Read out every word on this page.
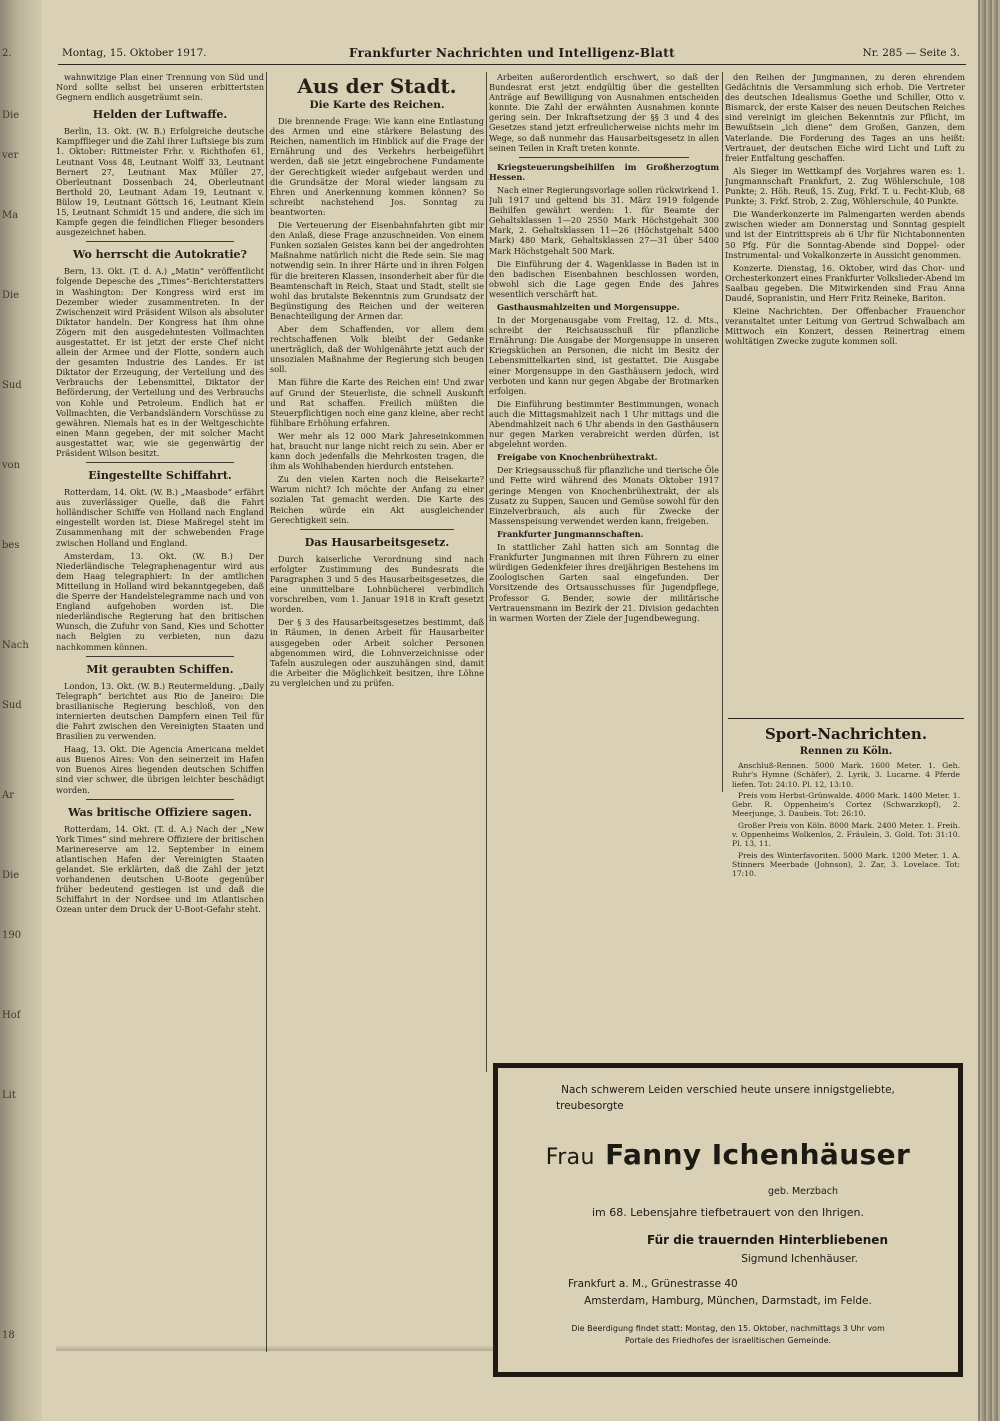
2.
Die
ver
Ma
Die
Sud
von
bes
Nach
Sud
Ar
Die
190
Hof
Lit
18
Montag, 15. Oktober 1917.	Frankfurter Nachrichten und Intelligenz-Blatt	Nr. 285 — Seite 3.

wahnwitzige Plan einer Trennung von Süd und Nord sollte selbst bei unseren erbittertsten Gegnern endlich ausgeträumt sein.

Helden der Luftwaffe.

Berlin, 13. Okt. (W. B.) Erfolgreiche deutsche Kampfflieger und die Zahl ihrer Luftsiege bis zum 1. Oktober: Rittmeister Frhr. v. Richthofen 61, Leutnant Voss 48, Leutnant Wolff 33, Leutnant Bernert 27, Leutnant Max Müller 27, Oberleutnant Dossenbach 24, Oberleutnant Berthold 20, Leutnant Adam 19, Leutnant v. Bülow 19, Leutnant Göttsch 16, Leutnant Klein 15, Leutnant Schmidt 15 und andere, die sich im Kampfe gegen die feindlichen Flieger besonders ausgezeichnet haben.

Wo herrscht die Autokratie?

Bern, 13. Okt. (T. d. A.) „Matin“ veröffentlicht folgende Depesche des „Times“-Berichterstatters in Washington: Der Kongress wird erst im Dezember wieder zusammentreten. In der Zwischenzeit wird Präsident Wilson als absoluter Diktator handeln. Der Kongress hat ihm ohne Zögern mit den ausgedehntesten Vollmachten ausgestattet. Er ist jetzt der erste Chef nicht allein der Armee und der Flotte, sondern auch der gesamten Industrie des Landes. Er ist Diktator der Erzeugung, der Verteilung und des Verbrauchs der Lebensmittel, Diktator der Beförderung, der Verteilung und des Verbrauchs von Kohle und Petroleum. Endlich hat er Vollmachten, die Verbandsländern Vorschüsse zu gewähren. Niemals hat es in der Weltgeschichte einen Mann gegeben, der mit solcher Macht ausgestattet war, wie sie gegenwärtig der Präsident Wilson besitzt.

Eingestellte Schiffahrt.

Rotterdam, 14. Okt. (W. B.) „Maasbode“ erfährt aus zuverlässiger Quelle, daß die Fahrt holländischer Schiffe von Holland nach England eingestellt worden ist. Diese Maßregel steht im Zusammenhang mit der schwebenden Frage zwischen Holland und England.

Amsterdam, 13. Okt. (W. B.) Der Niederländische Telegraphenagentur wird aus dem Haag telegraphiert: In der amtlichen Mitteilung in Holland wird bekanntgegeben, daß die Sperre der Handelstelegramme nach und von England aufgehoben worden ist. Die niederländische Regierung hat den britischen Wunsch, die Zufuhr von Sand, Kies und Schotter nach Belgien zu verbieten, nun dazu nachkommen können.

Mit geraubten Schiffen.

London, 13. Okt. (W. B.) Reutermeldung. „Daily Telegraph“ berichtet aus Rio de Janeiro: Die brasilianische Regierung beschloß, von den internierten deutschen Dampfern einen Teil für die Fahrt zwischen den Vereinigten Staaten und Brasilien zu verwenden.

Haag, 13. Okt. Die Agencia Americana meldet aus Buenos Aires: Von den seinerzeit im Hafen von Buenos Aires liegenden deutschen Schiffen sind vier schwer, die übrigen leichter beschädigt worden.

Was britische Offiziere sagen.

Rotterdam, 14. Okt. (T. d. A.) Nach der „New York Times“ sind mehrere Offiziere der britischen Marinereserve am 12. September in einem atlantischen Hafen der Vereinigten Staaten gelandet. Sie erklärten, daß die Zahl der jetzt vorhandenen deutschen U-Boote gegenüber früher bedeutend gestiegen ist und daß die Schiffahrt in der Nordsee und im Atlantischen Ozean unter dem Druck der U-Boot-Gefahr steht.

Aus der Stadt.
Die Karte des Reichen.

Die brennende Frage: Wie kann eine Entlastung des Armen und eine stärkere Belastung des Reichen, namentlich im Hinblick auf die Frage der Ernährung und des Verkehrs herbeigeführt werden, daß sie jetzt eingebrochene Fundamente der Gerechtigkeit wieder aufgebaut werden und die Grundsätze der Moral wieder langsam zu Ehren und Anerkennung kommen können? So schreibt nachstehend Jos. Sonntag zu beantworten:

Die Verteuerung der Eisenbahnfahrten gibt mir den Anlaß, diese Frage anzuschneiden. Von einem Funken sozialen Geistes kann bei der angedrohten Maßnahme natürlich nicht die Rede sein. Sie mag notwendig sein. In ihrer Härte und in ihren Folgen für die breiteren Klassen, insonderheit aber für die Beamtenschaft in Reich, Staat und Stadt, stellt sie wohl das brutalste Bekenntnis zum Grundsatz der Begünstigung des Reichen und der weiteren Benachteiligung der Armen dar.

Aber dem Schaffenden, vor allem dem rechtschaffenen Volk bleibt der Gedanke unerträglich, daß der Wohlgenährte jetzt auch der unsozialen Maßnahme der Regierung sich beugen soll.

Man führe die Karte des Reichen ein! Und zwar auf Grund der Steuerliste, die schnell Auskunft und Rat schaffen. Freilich müßten die Steuerpflichtigen noch eine ganz kleine, aber recht fühlbare Erhöhung erfahren.

Wer mehr als 12 000 Mark Jahreseinkommen hat, braucht nur lange nicht reich zu sein. Aber er kann doch jedenfalls die Mehrkosten tragen, die ihm als Wohlhabenden hierdurch entstehen.

Zu den vielen Karten noch die Reisekarte? Warum nicht? Ich möchte der Anfang zu einer sozialen Tat gemacht werden. Die Karte des Reichen würde ein Akt ausgleichender Gerechtigkeit sein.

Das Hausarbeitsgesetz.

Durch kaiserliche Verordnung sind nach erfolgter Zustimmung des Bundesrats die Paragraphen 3 und 5 des Hausarbeitsgesetzes, die eine unmittelbare Lohnbücherei verbindlich vorschreiben, vom 1. Januar 1918 in Kraft gesetzt worden.

Der § 3 des Hausarbeitsgesetzes bestimmt, daß in Räumen, in denen Arbeit für Hausarbeiter ausgegeben oder Arbeit solcher Personen abgenommen wird, die Lohnverzeichnisse oder Tafeln auszulegen oder auszuhängen sind, damit die Arbeiter die Möglichkeit besitzen, ihre Löhne zu vergleichen und zu prüfen.

Arbeiten außerordentlich erschwert, so daß der Bundesrat erst jetzt endgültig über die gestellten Anträge auf Bewilligung von Ausnahmen entscheiden konnte. Die Zahl der erwähnten Ausnahmen konnte gering sein. Der Inkraftsetzung der §§ 3 und 4 des Gesetzes stand jetzt erfreulicherweise nichts mehr im Wege, so daß nunmehr das Hausarbeitsgesetz in allen seinen Teilen in Kraft treten konnte.

Kriegsteuerungsbeihilfen im Großherzogtum Hessen.

Nach einer Regierungsvorlage sollen rückwirkend 1. Juli 1917 und geltend bis 31. März 1919 folgende Beihilfen gewährt werden: 1. für Beamte der Gehaltsklassen 1—20 2550 Mark Höchstgehalt 300 Mark, 2. Gehaltsklassen 11—26 (Höchstgehalt 5400 Mark) 480 Mark, Gehaltsklassen 27—31 über 5400 Mark Höchstgehalt 500 Mark.

Die Einführung der 4. Wagenklasse in Baden ist in den badischen Eisenbahnen beschlossen worden, obwohl sich die Lage gegen Ende des Jahres wesentlich verschärft hat.

Gasthausmahlzeiten und Morgensuppe.

In der Morgenausgabe vom Freitag, 12. d. Mts., schreibt der Reichsausschuß für pflanzliche Ernährung: Die Ausgabe der Morgensuppe in unseren Kriegsküchen an Personen, die nicht im Besitz der Lebensmittelkarten sind, ist gestattet. Die Ausgabe einer Morgensuppe in den Gasthäusern jedoch, wird verboten und kann nur gegen Abgabe der Brotmarken erfolgen.

Die Einführung bestimmter Bestimmungen, wonach auch die Mittagsmahlzeit nach 1 Uhr mittags und die Abendmahlzeit nach 6 Uhr abends in den Gasthäusern nur gegen Marken verabreicht werden dürfen, ist abgelehnt worden.

Freigabe von Knochenbrühextrakt.

Der Kriegsausschuß für pflanzliche und tierische Öle und Fette wird während des Monats Oktober 1917 geringe Mengen von Knochenbrühextrakt, der als Zusatz zu Suppen, Saucen und Gemüse sowohl für den Einzelverbrauch, als auch für Zwecke der Massenspeisung verwendet werden kann, freigeben.

Frankfurter Jungmannschaften.

In stattlicher Zahl hatten sich am Sonntag die Frankfurter Jungmannen mit ihren Führern zu einer würdigen Gedenkfeier ihres dreijährigen Bestehens im Zoologischen Garten saal eingefunden. Der Vorsitzende des Ortsausschusses für Jugendpflege, Professor G. Bender, sowie der militärische Vertrauensmann im Bezirk der 21. Division gedachten in warmen Worten der Ziele der Jugendbewegung.

den Reihen der Jungmannen, zu deren ehrendem Gedächtnis die Versammlung sich erhob. Die Vertreter des deutschen Idealismus Goethe und Schiller, Otto v. Bismarck, der erste Kaiser des neuen Deutschen Reiches sind vereinigt im gleichen Bekenntnis zur Pflicht, im Bewußtsein „ich diene“ dem Großen, Ganzen, dem Vaterlande. Die Forderung des Tages an uns heißt: Vertrauet, der deutschen Eiche wird Licht und Luft zu freier Entfaltung geschaffen.

Als Sieger im Wettkampf des Vorjahres waren es: 1. Jungmannschaft Frankfurt, 2. Zug Wöhlerschule, 108 Punkte; 2. Höh. Reuß, 15. Zug, Frkf. T. u. Fecht-Klub, 68 Punkte; 3. Frkf. Strob, 2. Zug, Wöhlerschule, 40 Punkte.

Die Wanderkonzerte im Palmengarten werden abends zwischen wieder am Donnerstag und Sonntag gespielt und ist der Eintrittspreis ab 6 Uhr für Nichtabonnenten 50 Pfg. Für die Sonntag-Abende sind Doppel- oder Instrumental- und Vokalkonzerte in Aussicht genommen.

Konzerte. Dienstag, 16. Oktober, wird das Chor- und Orchesterkonzert eines Frankfurter Volkslieder-Abend im Saalbau gegeben. Die Mitwirkenden sind Frau Anna Daudé, Sopranistin, und Herr Fritz Reineke, Bariton.

Kleine Nachrichten. Der Offenbacher Frauenchor veranstaltet unter Leitung von Gertrud Schwalbach am Mittwoch ein Konzert, dessen Reinertrag einem wohltätigen Zwecke zugute kommen soll.

Sport-Nachrichten.
Rennen zu Köln.

Anschluß-Rennen. 5000 Mark. 1600 Meter. 1. Geh. Ruhr's Hymne (Schäfer), 2. Lyrik, 3. Lucarne. 4 Pferde liefen. Tot: 24:10. Pl. 12, 13:10.

Preis vom Herbst-Grünwalde. 4000 Mark. 1400 Meter. 1. Gebr. R. Oppenheim's Cortez (Schwarzkopf), 2. Meerjunge, 3. Daubeis. Tot: 26:10.

Großer Preis von Köln. 8000 Mark. 2400 Meter. 1. Freih. v. Oppenheims Wolkenlos, 2. Fräulein, 3. Gold. Tot: 31:10. Pl. 13, 11.

Preis des Winterfavoriten. 5000 Mark. 1200 Meter. 1. A. Stinners Meerbade (Johnson), 2. Zar, 3. Lovelace. Tot: 17:10.

Nach schwerem Leiden verschied heute unsere innigstgeliebte,
treubesorgte
Frau Fanny Ichenhäuser
geb. Merzbach
im 68. Lebensjahre tiefbetrauert von den Ihrigen.
Für die trauernden Hinterbliebenen
Sigmund Ichenhäuser.
Frankfurt a. M., Grünestrasse 40
Amsterdam, Hamburg, München, Darmstadt, im Felde.
Die Beerdigung findet statt: Montag, den 15. Oktober, nachmittags 3 Uhr vom
Portale des Friedhofes der israelitischen Gemeinde.
